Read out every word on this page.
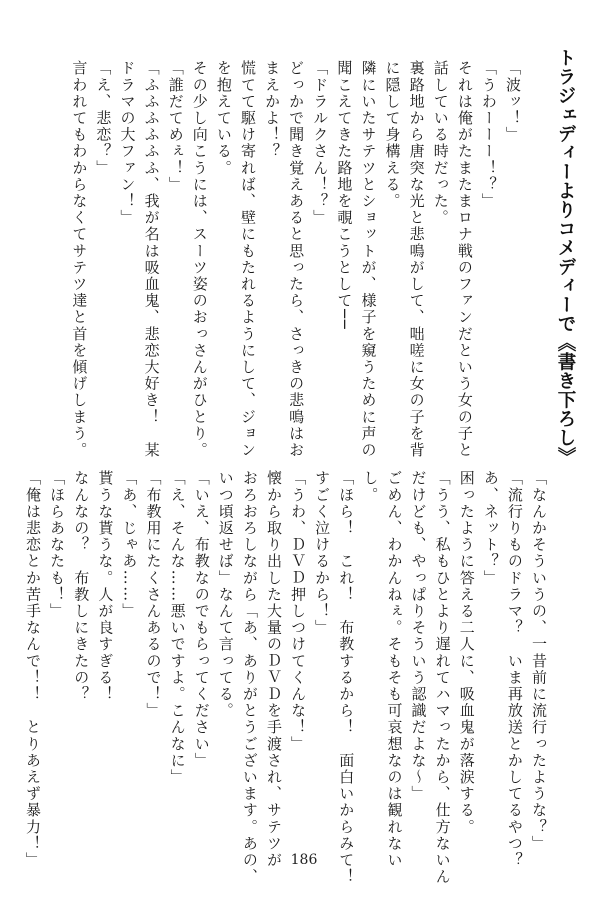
トラジェディーよりコメディーで《書き下ろし》
「波ッ！」
「うわーーー！？」
それは俺がたまたまロナ戦のファンだという女の子と
話している時だった。
裏路地から唐突な光と悲鳴がして、咄嗟に女の子を背
に隠して身構える。
隣にいたサテツとショットが、様子を窺うために声の
聞こえてきた路地を覗こうとして──
「ドラルクさん！？」
どっかで聞き覚えあると思ったら、さっきの悲鳴はお
まえかよ！？
慌てて駆け寄れば、壁にもたれるようにして、ジョン
を抱えている。
その少し向こうには、スーツ姿のおっさんがひとり。
「誰だてめぇ！」
「ふふふふふふ、我が名は吸血鬼、悲恋大好き！　某
ドラマの大ファン！」
「え、悲恋？」
言われてもわからなくてサテツ達と首を傾げしまう。
「なんかそういうの、一昔前に流行ったような？」
「流行りものドラマ？　いま再放送とかしてるやつ？
あ、ネット？」
困ったように答える二人に、吸血鬼が落涙する。
「うう、私もひとより遅れてハマったから、仕方ないん
だけども、やっぱりそういう認識だよな〜」
ごめん、わかんねぇ。そもそも可哀想なのは観れない
し。
「ほら！　これ！　布教するから！　面白いからみて！
すごく泣けるから！」
「うわ、ＤＶＤ押しつけてくんな！」
懐から取り出した大量のＤＶＤを手渡され、サテツが
おろおろしながら「あ、ありがとうございます。あの、
いつ頃返せば」なんて言ってる。
「いえ、布教なのでもらってください」
「え、そんな……悪いですよ。こんなに」
「布教用にたくさんあるので！」
「あ、じゃあ……」
貰うな貰うな。人が良すぎる！
なんなの？　布教しにきたの？
「ほらあなたも！」
「俺は悲恋とか苦手なんで！！　とりあえず暴力！」	186
